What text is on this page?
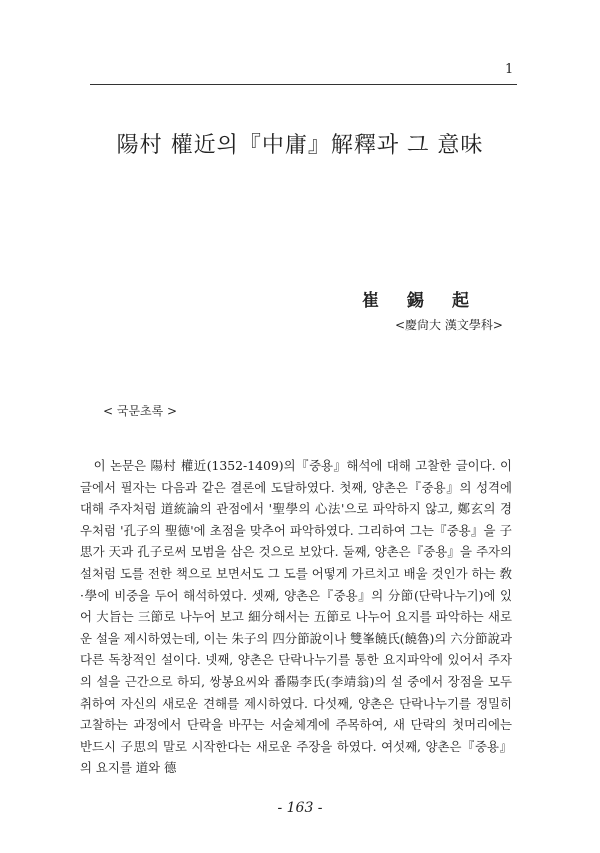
1
陽村 權近의『中庸』解釋과 그 意味
崔錫起
<慶尙大 漢文學科>
< 국문초록 >

이 논문은 陽村 權近(1352-1409)의『중용』해석에 대해 고찰한 글이다. 이 글에서 필자는 다음과 같은 결론에 도달하였다. 첫째, 양촌은『중용』의 성격에 대해 주자처럼 道統論의 관점에서 '聖學의 心法'으로 파악하지 않고, 鄭玄의 경우처럼 '孔子의 聖德'에 초점을 맞추어 파악하였다. 그리하여 그는『중용』을 子思가 天과 孔子로써 모범을 삼은 것으로 보았다. 둘째, 양촌은『중용』을 주자의 설처럼 도를 전한 책으로 보면서도 그 도를 어떻게 가르치고 배울 것인가 하는 敎·學에 비중을 두어 해석하였다. 셋째, 양촌은『중용』의 分節(단락나누기)에 있어 大旨는 三節로 나누어 보고 細分해서는 五節로 나누어 요지를 파악하는 새로운 설을 제시하였는데, 이는 朱子의 四分節說이나 雙峯饒氏(饒魯)의 六分節說과 다른 독창적인 설이다. 넷째, 양촌은 단락나누기를 통한 요지파악에 있어서 주자의 설을 근간으로 하되, 쌍봉요씨와 番陽李氏(李靖翁)의 설 중에서 장점을 모두 취하여 자신의 새로운 견해를 제시하였다. 다섯째, 양촌은 단락나누기를 정밀히 고찰하는 과정에서 단락을 바꾸는 서술체계에 주목하여, 새 단락의 첫머리에는 반드시 子思의 말로 시작한다는 새로운 주장을 하였다. 여섯째, 양촌은『중용』의 요지를 道와 德

- 163 -
